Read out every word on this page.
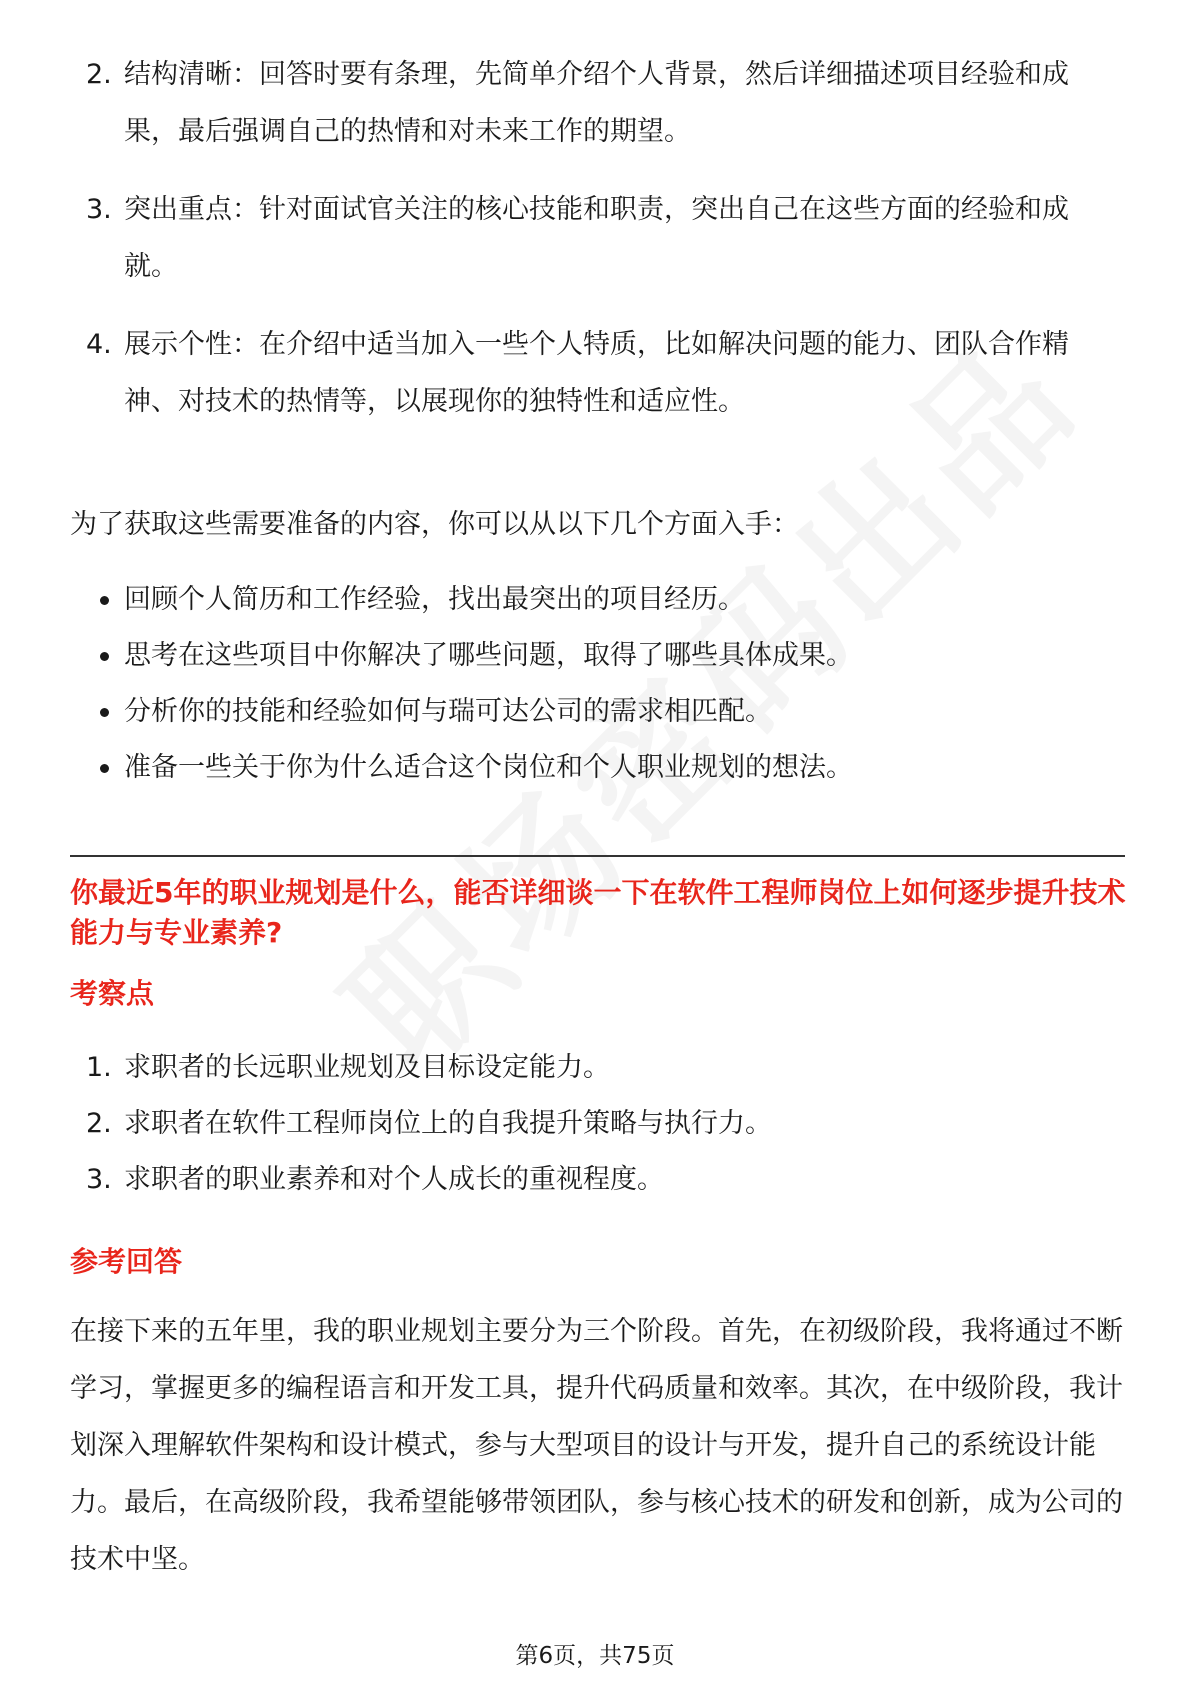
2. 结构清晰：回答时要有条理，先简单介绍个人背景，然后详细描述项目经验和成果，最后强调自己的热情和对未来工作的期望。
3. 突出重点：针对面试官关注的核心技能和职责，突出自己在这些方面的经验和成就。
4. 展示个性：在介绍中适当加入一些个人特质，比如解决问题的能力、团队合作精神、对技术的热情等，以展现你的独特性和适应性。
为了获取这些需要准备的内容，你可以从以下几个方面入手：
回顾个人简历和工作经验，找出最突出的项目经历。
思考在这些项目中你解决了哪些问题，取得了哪些具体成果。
分析你的技能和经验如何与瑞可达公司的需求相匹配。
准备一些关于你为什么适合这个岗位和个人职业规划的想法。
你最近5年的职业规划是什么，能否详细谈一下在软件工程师岗位上如何逐步提升技术能力与专业素养?
考察点
1. 求职者的长远职业规划及目标设定能力。
2. 求职者在软件工程师岗位上的自我提升策略与执行力。
3. 求职者的职业素养和对个人成长的重视程度。
参考回答
在接下来的五年里，我的职业规划主要分为三个阶段。首先，在初级阶段，我将通过不断学习，掌握更多的编程语言和开发工具，提升代码质量和效率。其次，在中级阶段，我计划深入理解软件架构和设计模式，参与大型项目的设计与开发，提升自己的系统设计能力。最后，在高级阶段，我希望能够带领团队，参与核心技术的研发和创新，成为公司的技术中坚。
第6页，共75页
